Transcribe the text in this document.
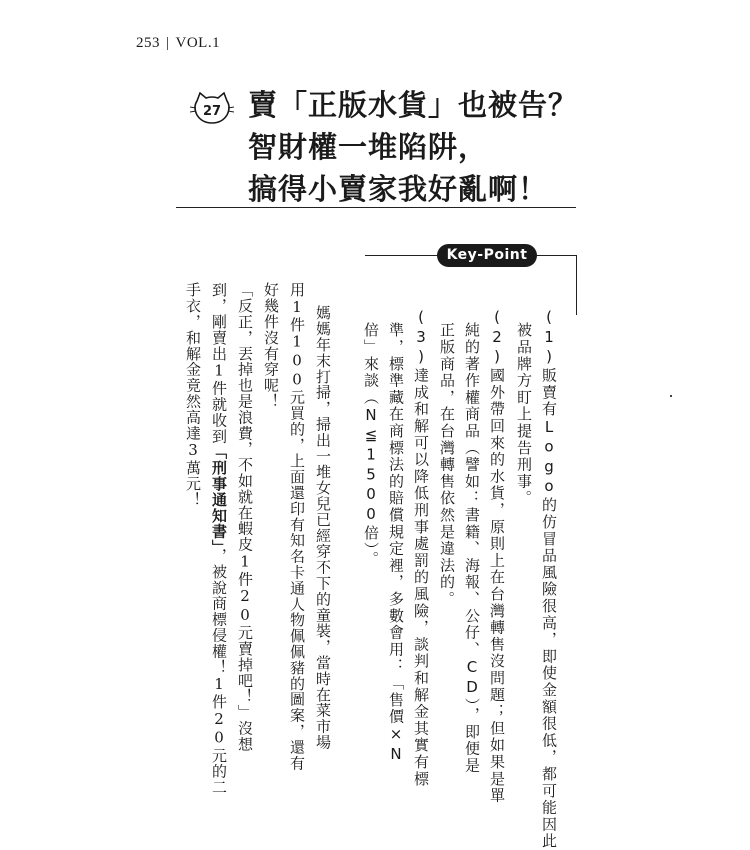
253 | VOL.1
27 賣「正版水貨」也被告？
智財權一堆陷阱，
搞得小賣家我好亂啊！
Key-Point
(1)販賣有Logo的仿冒品風險很高，即使金額很低，都可能因此
被品牌方盯上提告刑事。
(2)國外帶回來的水貨，原則上在台灣轉售沒問題；但如果是單
純的著作權商品（譬如：書籍、海報、公仔、CD），即便是
正版商品，在台灣轉售依然是違法的。
(3)達成和解可以降低刑事處罰的風險，談判和解金其實有標
準，標準藏在商標法的賠償規定裡，多數會用：「售價×N
倍」來談（N≦1500倍）。
媽媽年末打掃，掃出一堆女兒已經穿不下的童裝，當時在菜市場
用1件100元買的，上面還印有知名卡通人物佩佩豬的圖案，還有
好幾件沒有穿呢！
「反正，丟掉也是浪費，不如就在蝦皮1件20元賣掉吧！」沒想
到，剛賣出1件就收到「刑事通知書」，被說商標侵權！1件20元的二
手衣，和解金竟然高達3萬元！
